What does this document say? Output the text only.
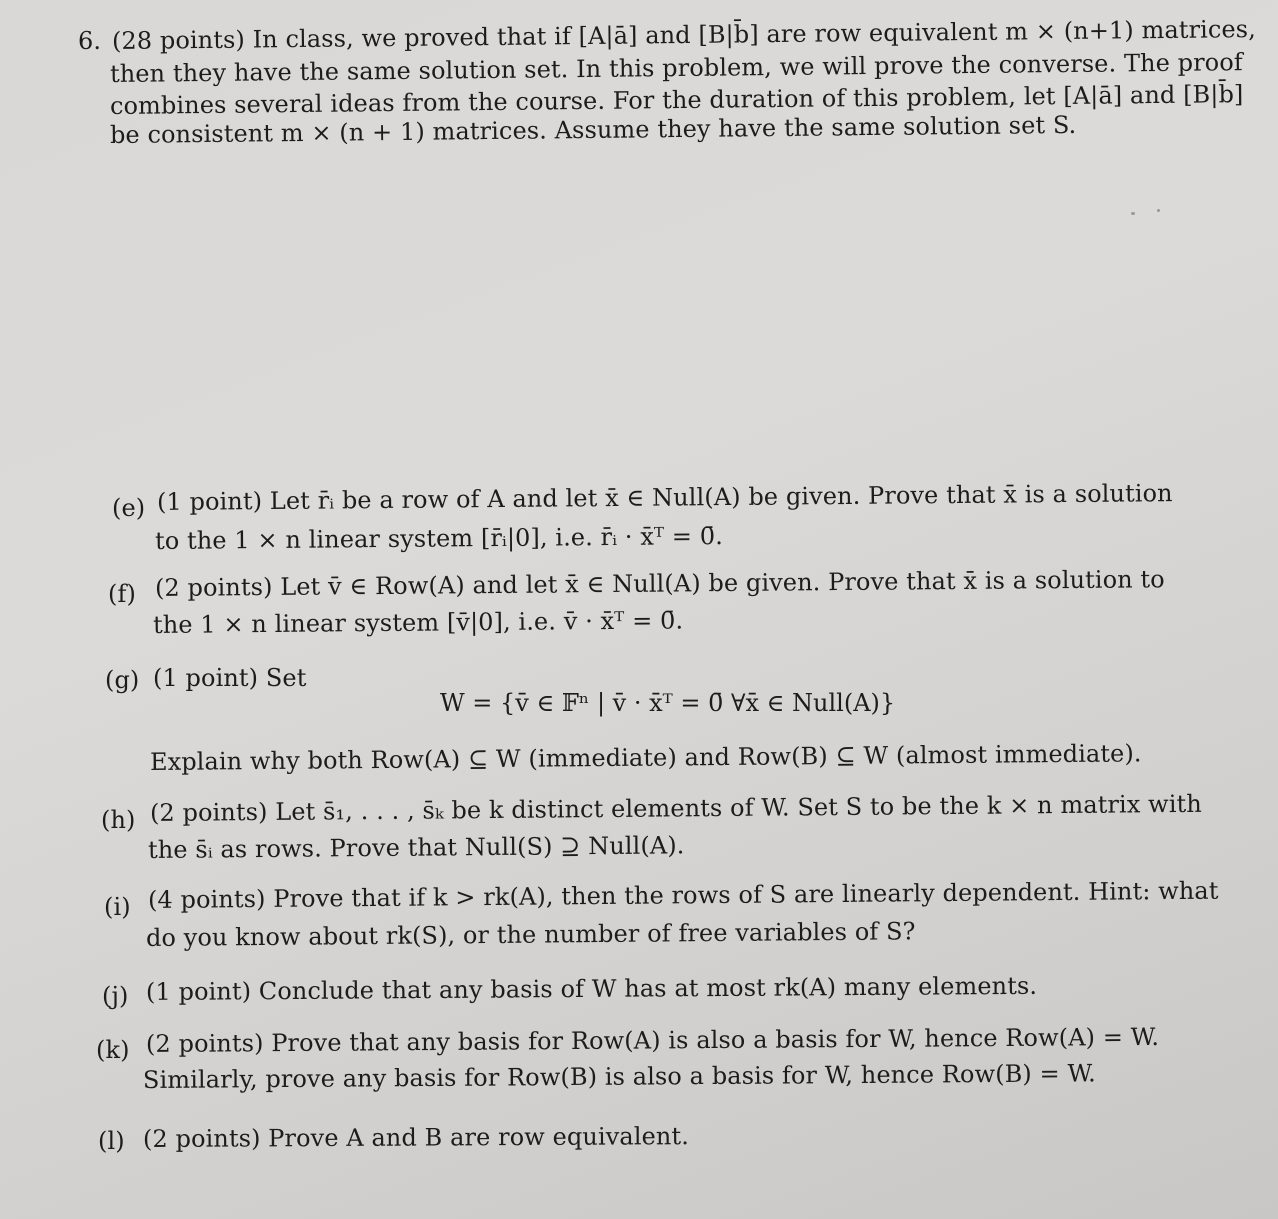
6. (28 points) In class, we proved that if [A|ā] and [B|b̄] are row equivalent m × (n+1) matrices,
then they have the same solution set. In this problem, we will prove the converse. The proof
combines several ideas from the course. For the duration of this problem, let [A|ā] and [B|b̄]
be consistent m × (n + 1) matrices. Assume they have the same solution set S.
(e) (1 point) Let r̄ᵢ be a row of A and let x̄ ∈ Null(A) be given. Prove that x̄ is a solution
to the 1 × n linear system [r̄ᵢ|0], i.e. r̄ᵢ · x̄ᵀ = 0̄.
(f) (2 points) Let v̄ ∈ Row(A) and let x̄ ∈ Null(A) be given. Prove that x̄ is a solution to
the 1 × n linear system [v̄|0], i.e. v̄ · x̄ᵀ = 0̄.
(g) (1 point) Set
W = {v̄ ∈ 𝔽ⁿ | v̄ · x̄ᵀ = 0̄ ∀x̄ ∈ Null(A)}
Explain why both Row(A) ⊆ W (immediate) and Row(B) ⊆ W (almost immediate).
(h) (2 points) Let s̄₁, . . . , s̄ₖ be k distinct elements of W. Set S to be the k × n matrix with
the s̄ᵢ as rows. Prove that Null(S) ⊇ Null(A).
(i) (4 points) Prove that if k > rk(A), then the rows of S are linearly dependent. Hint: what
do you know about rk(S), or the number of free variables of S?
(j) (1 point) Conclude that any basis of W has at most rk(A) many elements.
(k) (2 points) Prove that any basis for Row(A) is also a basis for W, hence Row(A) = W.
Similarly, prove any basis for Row(B) is also a basis for W, hence Row(B) = W.
(l) (2 points) Prove A and B are row equivalent.
